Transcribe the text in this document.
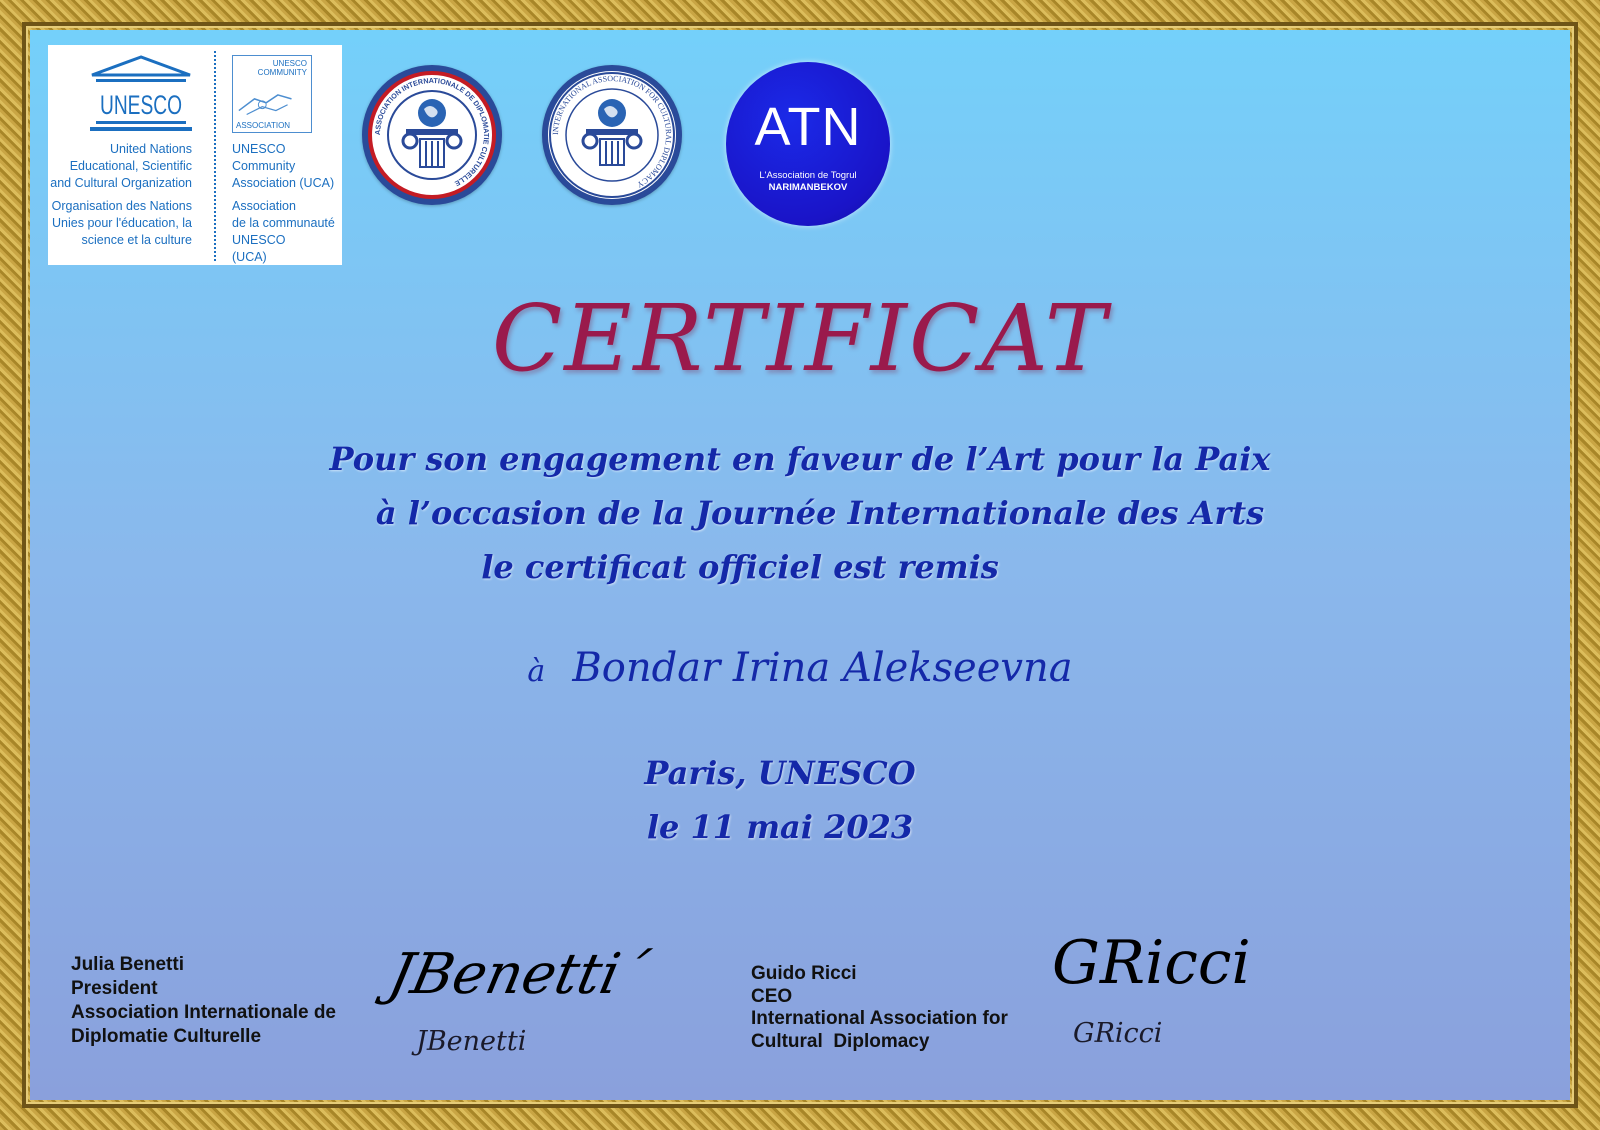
UNESCO
UNESCO
COMMUNITY
ASSOCIATION
United Nations
Educational, Scientific
and Cultural Organization
Organisation des Nations
Unies pour l'éducation, la
science et la culture
UNESCO
Community
Association (UCA)
Association
de la communauté
UNESCO
(UCA)
ASSOCIATION INTERNATIONALE DE DIPLOMATIE CULTURELLE
INTERNATIONAL ASSOCIATION FOR CULTURAL DIPLOMACY
IACD
ATN
L'Association de Togrul
NARIMANBEKOV
CERTIFICAT
Pour son engagement en faveur de l’Art pour la Paix
à l’occasion de la Journée Internationale des Arts
le certificat officiel est remis
à Bondar Irina Alekseevna
Paris, UNESCO
le 11 mai 2023
Julia Benetti
President
Association Internationale de
Diplomatie Culturelle
JBenetti´
JBenetti
Guido Ricci
CEO
International Association for
Cultural  Diplomacy
GRicci
GRicci
